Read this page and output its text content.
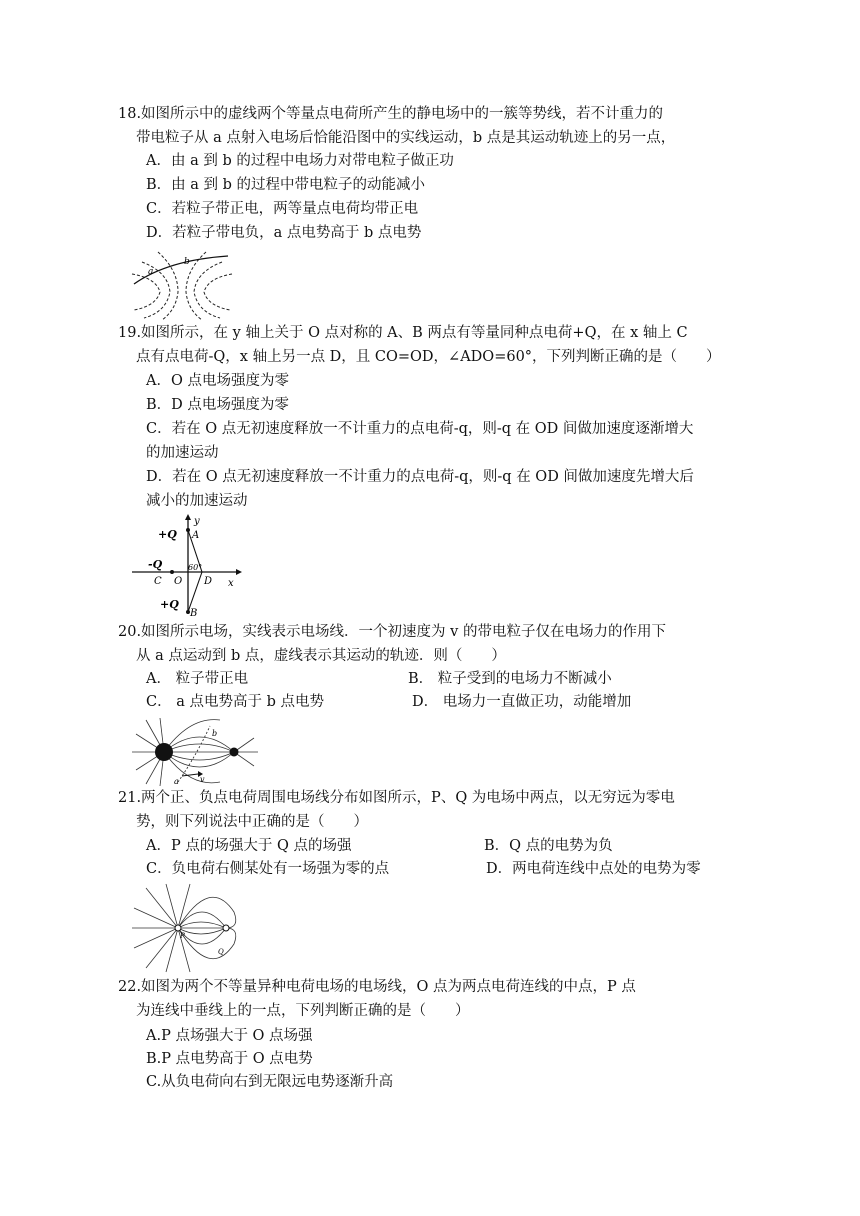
18.如图所示中的虚线两个等量点电荷所产生的静电场中的一簇等势线，若不计重力的
带电粒子从 a 点射入电场后恰能沿图中的实线运动，b 点是其运动轨迹上的另一点，
A．由 a 到 b 的过程中电场力对带电粒子做正功
B．由 a 到 b 的过程中带电粒子的动能减小
C．若粒子带正电，两等量点电荷均带正电
D．若粒子带电负，a 点电势高于 b 点电势
a
b
19.如图所示，在 y 轴上关于 O 点对称的 A、B 两点有等量同种点电荷+Q，在 x 轴上 C
点有点电荷-Q，x 轴上另一点 D，且 CO=OD，∠ADO=60°，下列判断正确的是（　　）
A．O 点电场强度为零
B．D 点电场强度为零
C．若在 O 点无初速度释放一不计重力的点电荷-q，则-q 在 OD 间做加速度逐渐增大
的加速运动
D．若在 O 点无初速度释放一不计重力的点电荷-q，则-q 在 OD 间做加速度先增大后
减小的加速运动
+Q
y
A
-Q	60°
C O D x
+Q
B
20.如图所示电场，实线表示电场线．一个初速度为 v 的带电粒子仅在电场力的作用下
从 a 点运动到 b 点，虚线表示其运动的轨迹．则（　　）
A． 粒子带正电	B． 粒子受到的电场力不断减小
C． a 点电势高于 b 点电势	D． 电场力一直做正功，动能增加
b
a	v
21.两个正、负点电荷周围电场线分布如图所示，P、Q 为电场中两点，以无穷远为零电
势，则下列说法中正确的是（　　）
A．P 点的场强大于 Q 点的场强	B．Q 点的电势为负
C．负电荷右侧某处有一场强为零的点	D．两电荷连线中点处的电势为零
P
Q
22.如图为两个不等量异种电荷电场的电场线，O 点为两点电荷连线的中点，P 点
为连线中垂线上的一点，下列判断正确的是（　　）
A.P 点场强大于 O 点场强
B.P 点电势高于 O 点电势
C.从负电荷向右到无限远电势逐渐升高
